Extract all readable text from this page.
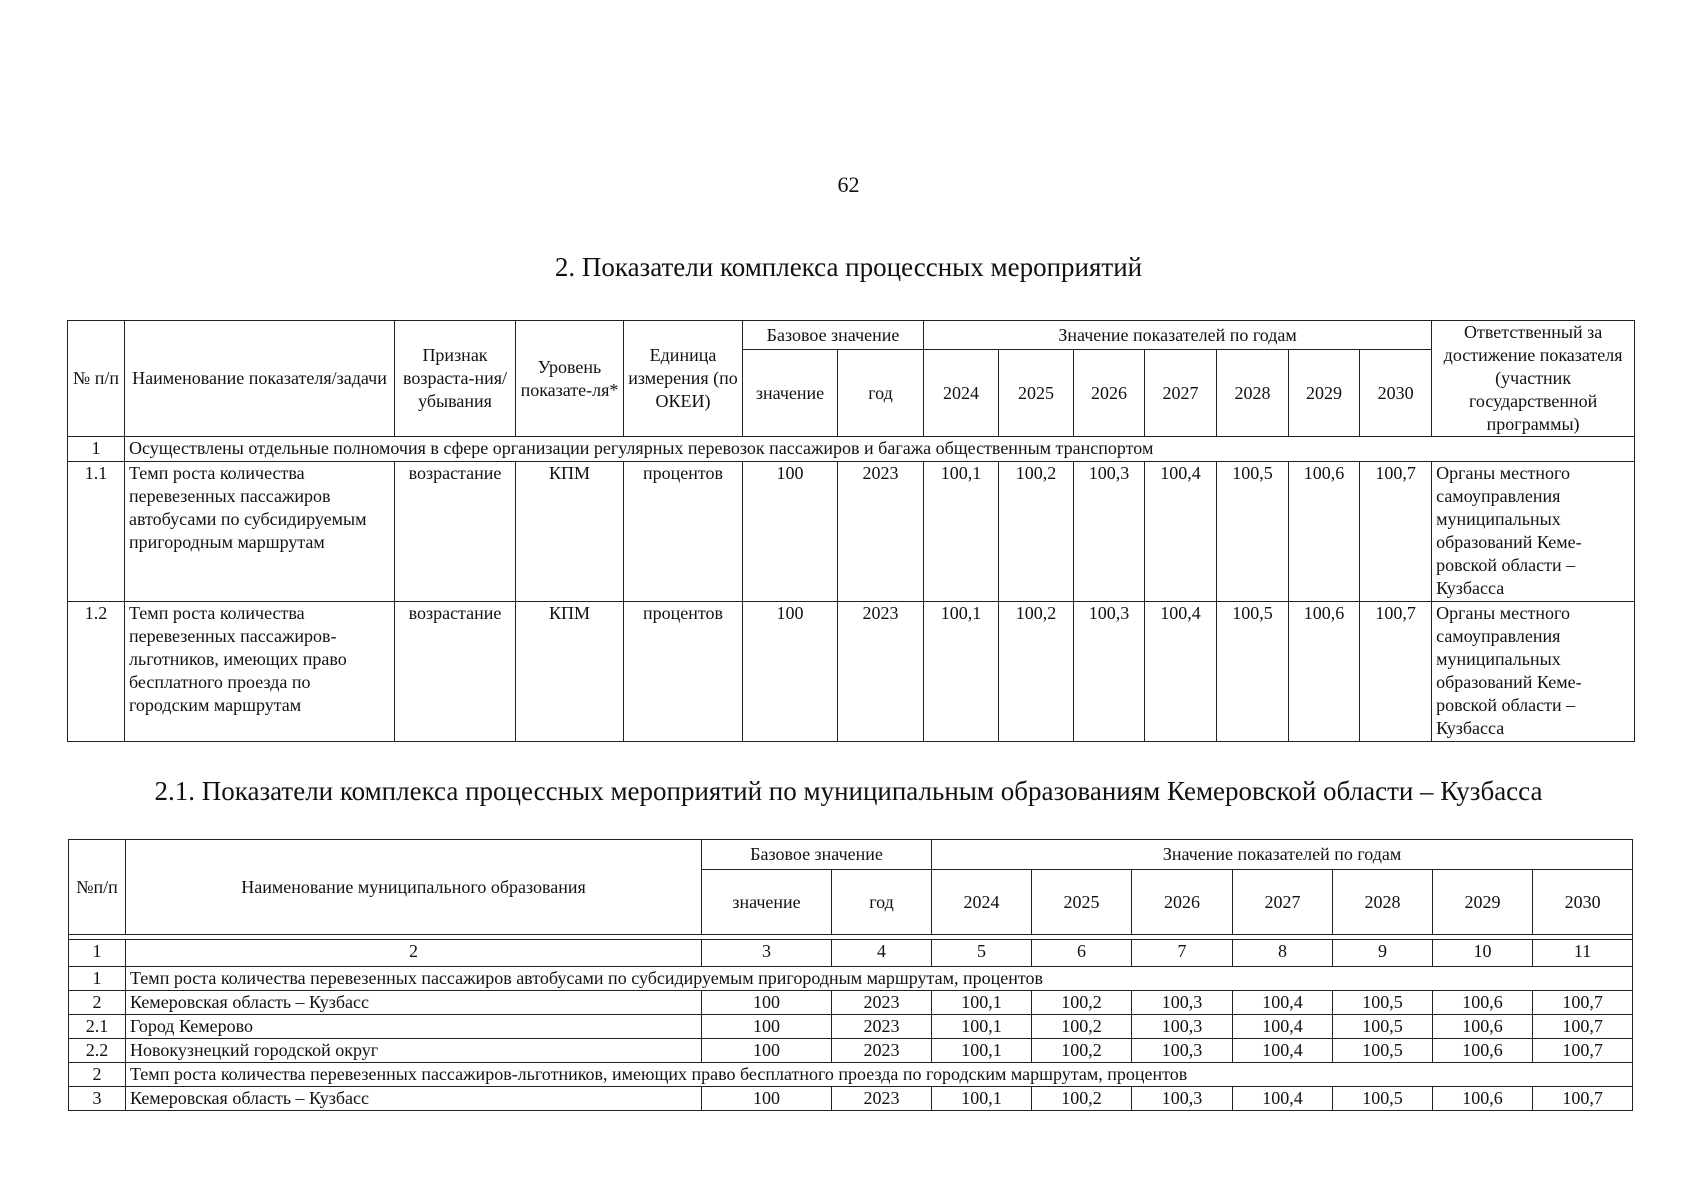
62
2. Показатели комплекса процессных мероприятий
№ п/п	Наименование показателя/задачи	Признак возраста-ния/ убывания	Уровень показате-ля*	Единица измерения (по ОКЕИ)	Базовое значение		Значение показателей по годам							Ответственный за достижение показателя (участник государственной программы)
					значение	год	2024	2025	2026	2027	2028	2029	2030	
1	Осуществлены отдельные полномочия в сфере организации регулярных перевозок пассажиров и багажа общественным транспортом													
1.1	Темп роста количества перевезенных пассажиров автобусами по субсидируемым пригородным маршрутам	возрастание	КПМ	процентов	100	2023	100,1	100,2	100,3	100,4	100,5	100,6	100,7	Органы местного самоуправления муниципальных образований Кеме-ровской области – Кузбасса
1.2	Темп роста количества перевезенных пассажиров-льготников, имеющих право бесплатного проезда по городским маршрутам	возрастание	КПМ	процентов	100	2023	100,1	100,2	100,3	100,4	100,5	100,6	100,7	Органы местного самоуправления муниципальных образований Кеме-ровской области – Кузбасса
2.1. Показатели комплекса процессных мероприятий по муниципальным образованиям Кемеровской области – Кузбасса
№п/п	Наименование муниципального образования	Базовое значение		Значение показателей по годам						
		значение	год	2024	2025	2026	2027	2028	2029	2030

1	2	3	4	5	6	7	8	9	10	11
1	Темп роста количества перевезенных пассажиров автобусами по субсидируемым пригородным маршрутам, процентов									
2	Кемеровская область – Кузбасс	100	2023	100,1	100,2	100,3	100,4	100,5	100,6	100,7
2.1	Город Кемерово	100	2023	100,1	100,2	100,3	100,4	100,5	100,6	100,7
2.2	Новокузнецкий городской округ	100	2023	100,1	100,2	100,3	100,4	100,5	100,6	100,7
2	Темп роста количества перевезенных пассажиров-льготников, имеющих право бесплатного проезда по городским маршрутам, процентов									
3	Кемеровская область – Кузбасс	100	2023	100,1	100,2	100,3	100,4	100,5	100,6	100,7
